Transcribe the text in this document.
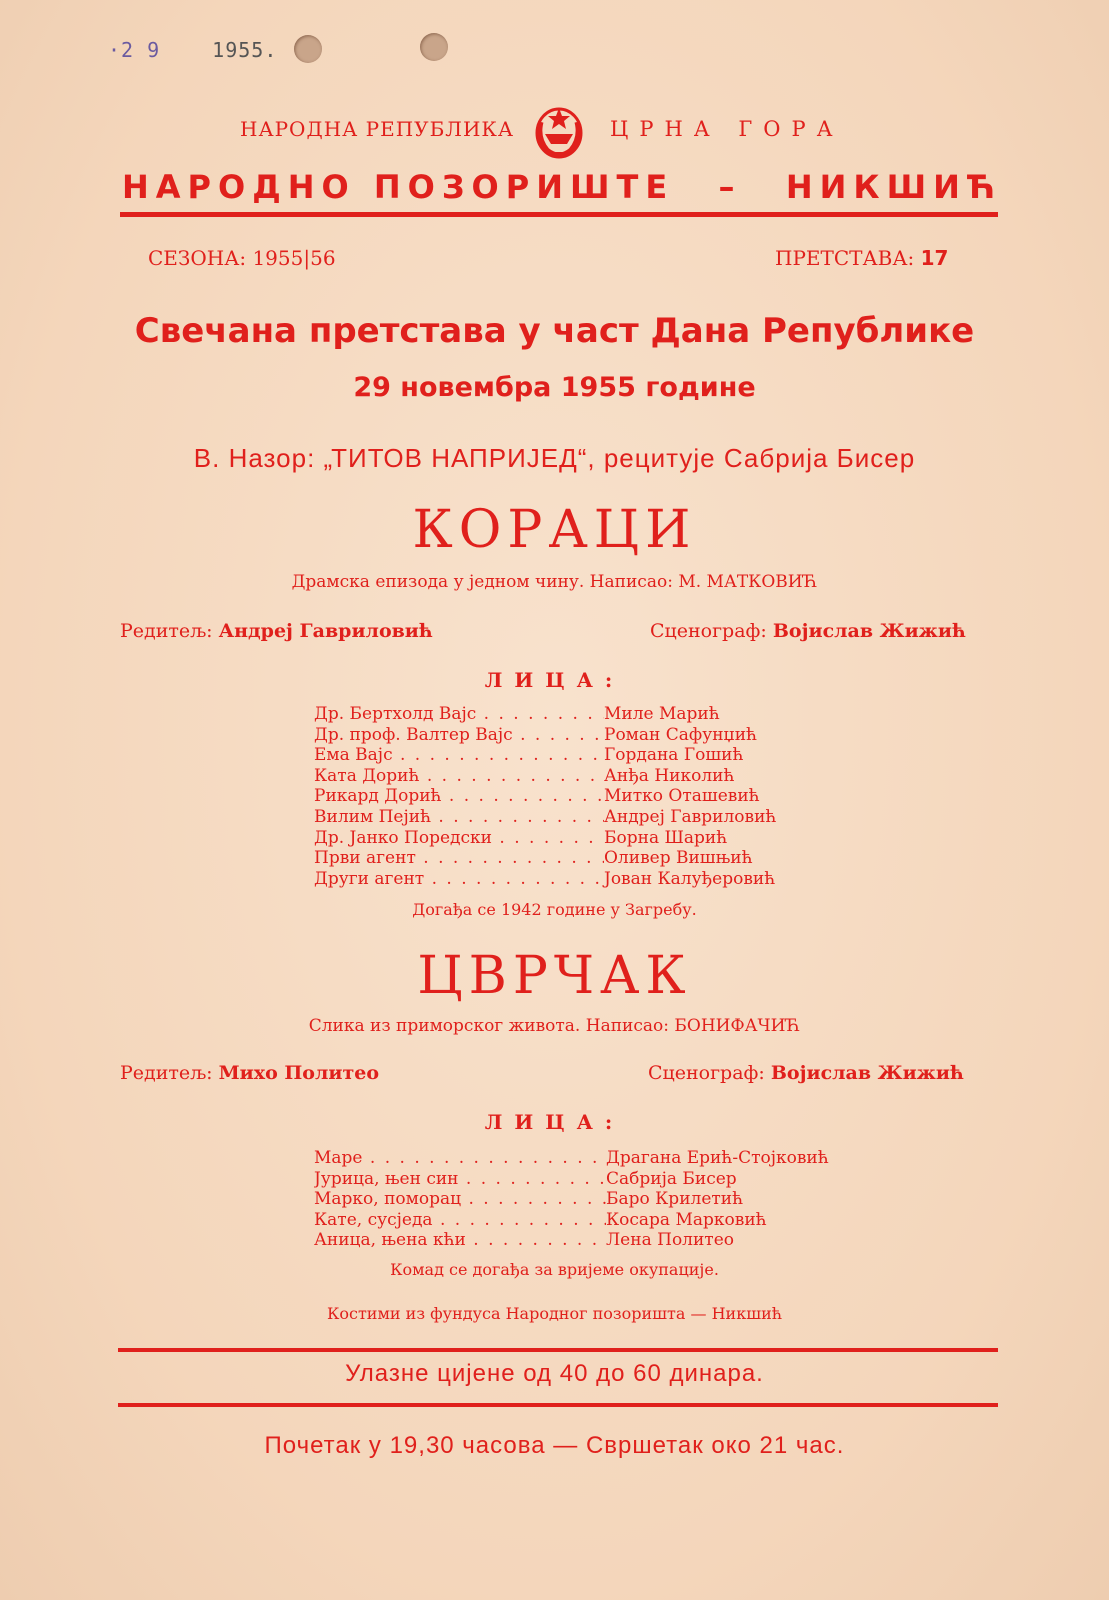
·2 9	1955.
НАРОДНА РЕПУБЛИКА	ЦРНА ГОРА
НАРОДНО ПОЗОРИШТЕ – НИКШИЋ
СЕЗОНА: 1955|56	ПРЕТСТАВА: 17
Свечана претстава у част Дана Републике
29 новембра 1955 године
В. Назор: „ТИТОВ НАПРИЈЕД“, рецитује Сабрија Бисер
КОРАЦИ
Драмска епизода у једном чину. Написао: М. МАТКОВИЋ
Редитељ: Андреј Гавриловић	Сценограф: Војислав Жижић
ЛИЦА:
Др. Бертхолд Вајс . . .	Миле Марић
Др. проф. Валтер Вајс . . .	Роман Сафунџић
Ема Вајс . . .	Гордана Гошић
Ката Дорић . . .	Анђа Николић
Рикард Дорић . . .	Митко Оташевић
Вилим Пејић . . .	Андреј Гавриловић
Др. Јанко Поредски . . .	Борна Шарић
Први агент . . .	Оливер Вишњић
Други агент . . .	Јован Калуђеровић
Догађа се 1942 године у Загребу.
ЦВРЧАК
Слика из приморског живота. Написао: БОНИФАЧИЋ
Редитељ: Михо Политео	Сценограф: Војислав Жижић
ЛИЦА:
Маре . . .	Драгана Ерић-Стојковић
Јурица, њен син . . .	Сабрија Бисер
Марко, поморац . . .	Баро Крилетић
Кате, сусједа . . .	Косара Марковић
Аница, њена кћи . . .	Лена Политео
Комад се догађа за вријеме окупације.
Костими из фундуса Народног позоришта — Никшић
Улазне цијене од 40 до 60 динара.
Почетак у 19,30 часова — Свршетак око 21 час.
